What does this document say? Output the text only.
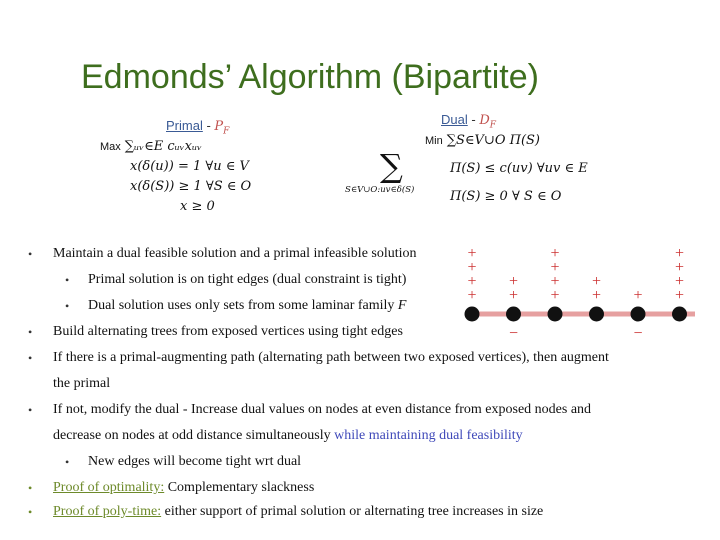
Edmonds’ Algorithm (Bipartite)
Primal - $P_F$
Max ∑ᵤᵥ∈E cᵤᵥxᵤᵥ
x(δ(u)) = 1 ∀u ∈ V
x(δ(S)) ≥ 1 ∀S ∈ O
x ≥ 0
∑
S∈V∪O:uv∈δ(S)
Dual - $D_F$
Min ∑S∈V∪O Π(S)
Π(S) ≤ c(uv) ∀uv ∈ E
Π(S) ≥ 0 ∀ S ∈ O
• Maintain a dual feasible solution and a primal infeasible solution
• Primal solution is on tight edges (dual constraint is tight)
• Dual solution uses only sets from some laminar family F
• Build alternating trees from exposed vertices using tight edges
• If there is a primal-augmenting path (alternating path between two exposed vertices), then augment
the primal
• If not, modify the dual - Increase dual values on nodes at even distance from exposed nodes and
decrease on nodes at odd distance simultaneously while maintaining dual feasibility
• New edges will become tight wrt dual
• Proof of optimality: Complementary slackness
• Proof of poly-time: either support of primal solution or alternating tree increases in size
+
+
+
+
+
+
−
+
+
+
+
+
+ +
−
+
+
+
+
